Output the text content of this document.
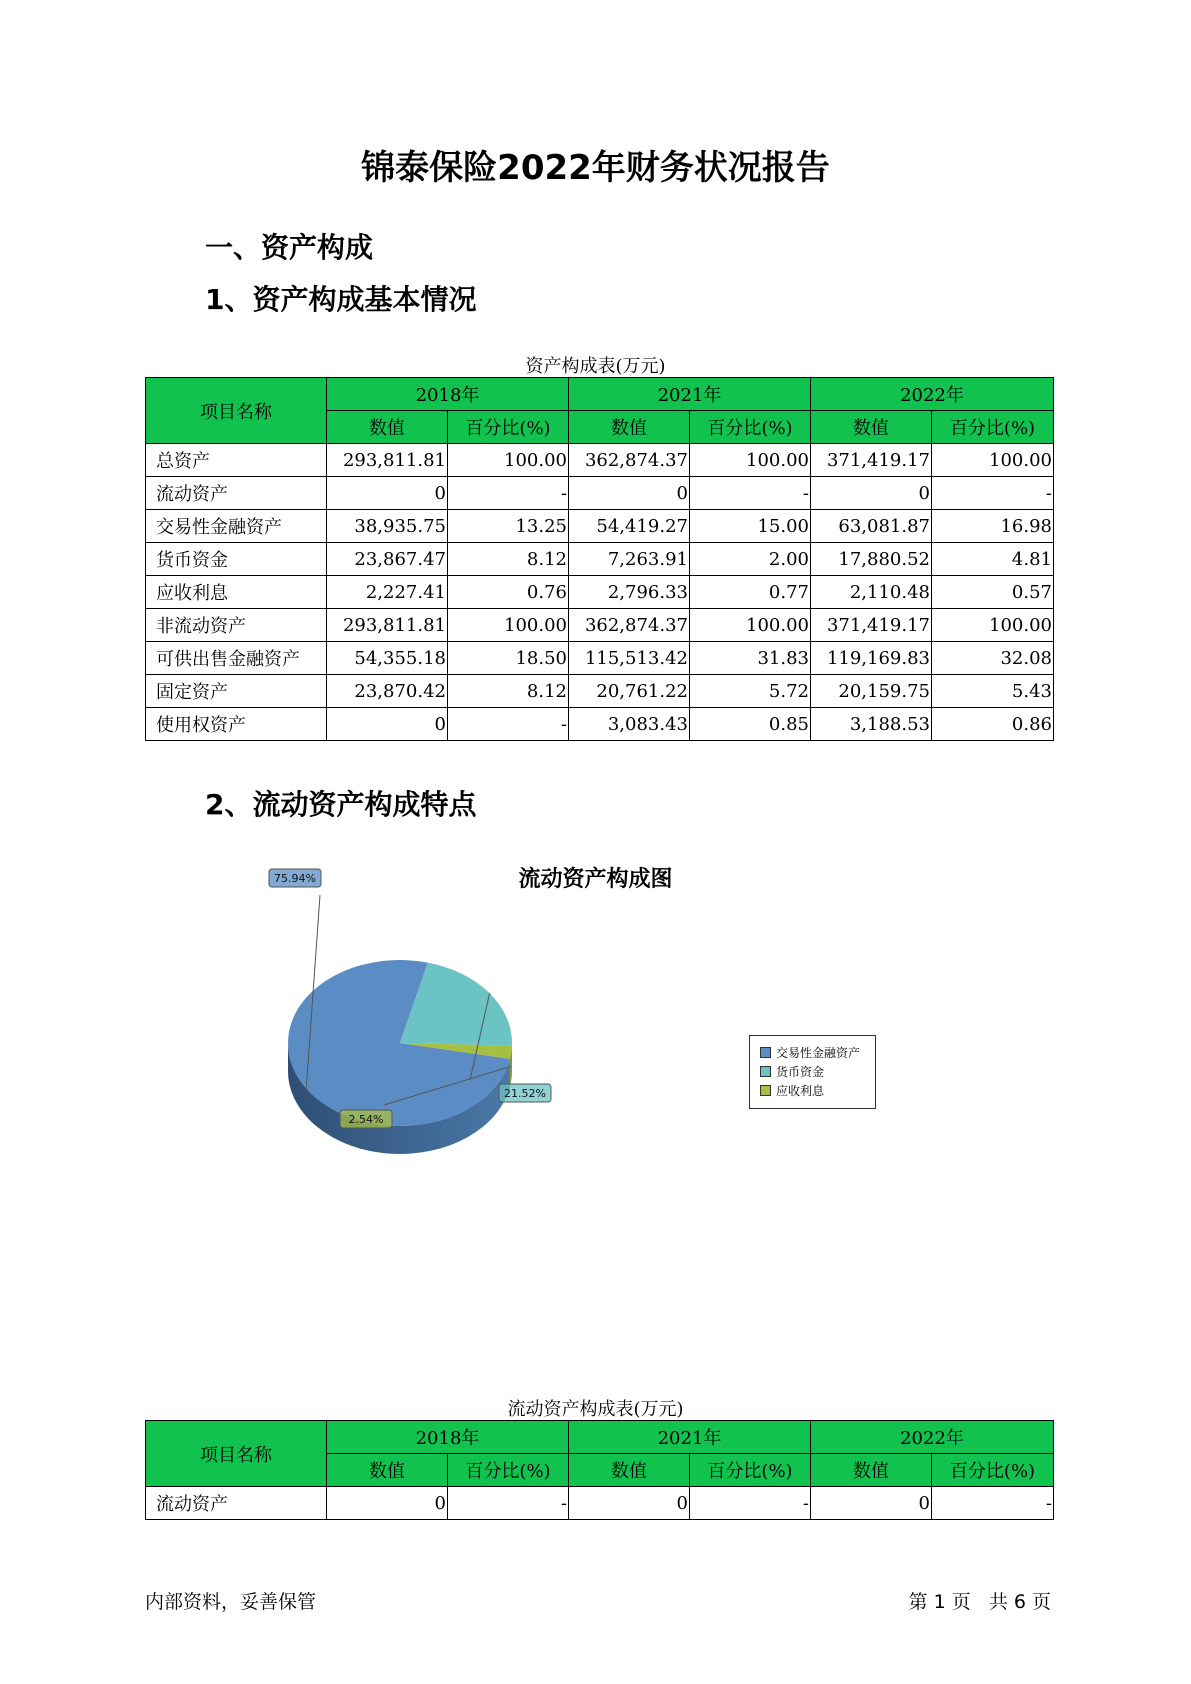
锦泰保险2022年财务状况报告
一、资产构成
1、资产构成基本情况
资产构成表(万元)
项目名称	2018年		2021年		2022年	
	数值	百分比(%)	数值	百分比(%)	数值	百分比(%)
总资产	293,811.81	100.00	362,874.37	100.00	371,419.17	100.00
流动资产	0	-	0	-	0	-
交易性金融资产	38,935.75	13.25	54,419.27	15.00	63,081.87	16.98
货币资金	23,867.47	8.12	7,263.91	2.00	17,880.52	4.81
应收利息	2,227.41	0.76	2,796.33	0.77	2,110.48	0.57
非流动资产	293,811.81	100.00	362,874.37	100.00	371,419.17	100.00
可供出售金融资产	54,355.18	18.50	115,513.42	31.83	119,169.83	32.08
固定资产	23,870.42	8.12	20,761.22	5.72	20,159.75	5.43
使用权资产	0	-	3,083.43	0.85	3,188.53	0.86
2、流动资产构成特点
流动资产构成图
75.94%
21.52%
2.54%
交易性金融资产
货币资金
应收利息
流动资产构成表(万元)
项目名称	2018年		2021年		2022年	
	数值	百分比(%)	数值	百分比(%)	数值	百分比(%)
流动资产	0	-	0	-	0	-
内部资料，妥善保管	第 1 页   共 6 页
